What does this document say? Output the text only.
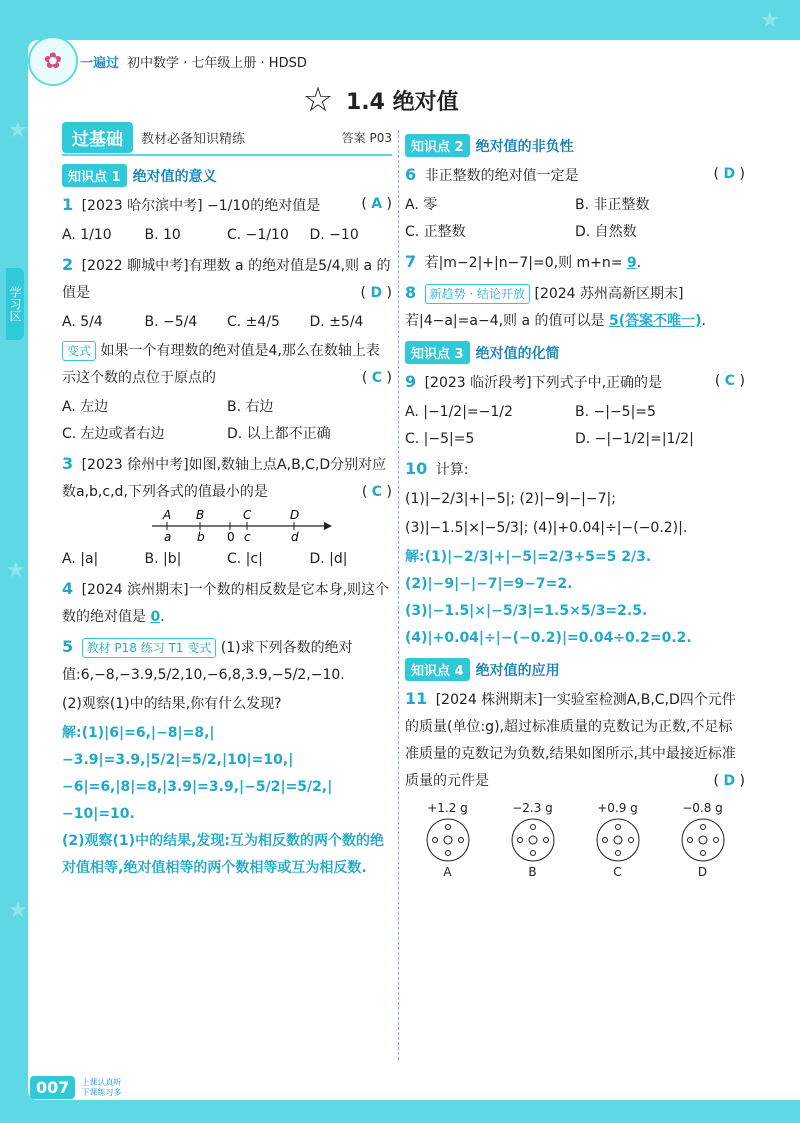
★
★
★
★
✿	一遍过 初中数学 · 七年级上册 · HDSD
学习区
☆ 1.4 绝对值
过基础	教材必备知识精练	答案 P03
知识点 1 绝对值的意义
1 [2023 哈尔滨中考] −1/10的绝对值是	( A )
A. 1/10	B. 10	C. −1/10	D. −10
2 [2022 聊城中考]有理数 a 的绝对值是5/4,则 a 的值是	( D )
A. 5/4	B. −5/4	C. ±4/5	D. ±5/4
变式 如果一个有理数的绝对值是4,那么在数轴上表示这个数的点位于原点的	( C )
A. 左边	B. 右边
C. 左边或者右边	D. 以上都不正确
3 [2023 徐州中考]如图,数轴上点A,B,C,D分别对应数a,b,c,d,下列各式的值最小的是	( C )
A B	C	D
a b 0 c	d
A. |a|	B. |b|	C. |c|	D. |d|
4 [2024 滨州期末]一个数的相反数是它本身,则这个数的绝对值是 0.
5 教材 P18 练习 T1 变式 (1)求下列各数的绝对值:6,−8,−3.9,5/2,10,−6,8,3.9,−5/2,−10.
(2)观察(1)中的结果,你有什么发现?
解:(1)|6|=6,|−8|=8,|−3.9|=3.9,|5/2|=5/2,|10|=10,|−6|=6,|8|=8,|3.9|=3.9,|−5/2|=5/2,|−10|=10.
(2)观察(1)中的结果,发现:互为相反数的两个数的绝对值相等,绝对值相等的两个数相等或互为相反数.
知识点 2 绝对值的非负性
6 非正整数的绝对值一定是	( D )
A. 零	B. 非正整数
C. 正整数	D. 自然数
7 若|m−2|+|n−7|=0,则 m+n= 9.
8 新趋势 · 结论开放 [2024 苏州高新区期末]若|4−a|=a−4,则 a 的值可以是 5(答案不唯一).
知识点 3 绝对值的化简
9 [2023 临沂段考]下列式子中,正确的是	( C )
A. |−1/2|=−1/2	B. −|−5|=5
C. |−5|=5	D. −|−1/2|=|1/2|
10 计算:
(1)|−2/3|+|−5|; (2)|−9|−|−7|;
(3)|−1.5|×|−5/3|; (4)|+0.04|÷|−(−0.2)|.
解:(1)|−2/3|+|−5|=2/3+5=5 2/3.
(2)|−9|−|−7|=9−7=2.
(3)|−1.5|×|−5/3|=1.5×5/3=2.5.
(4)|+0.04|÷|−(−0.2)|=0.04÷0.2=0.2.
知识点 4 绝对值的应用
11 [2024 株洲期末]一实验室检测A,B,C,D四个元件的质量(单位:g),超过标准质量的克数记为正数,不足标准质量的克数记为负数,结果如图所示,其中最接近标准质量的元件是	( D )
+1.2 g
A
−2.3 g
B
+0.9 g
C
−0.8 g
D
007	上课认真听
下课练习多
